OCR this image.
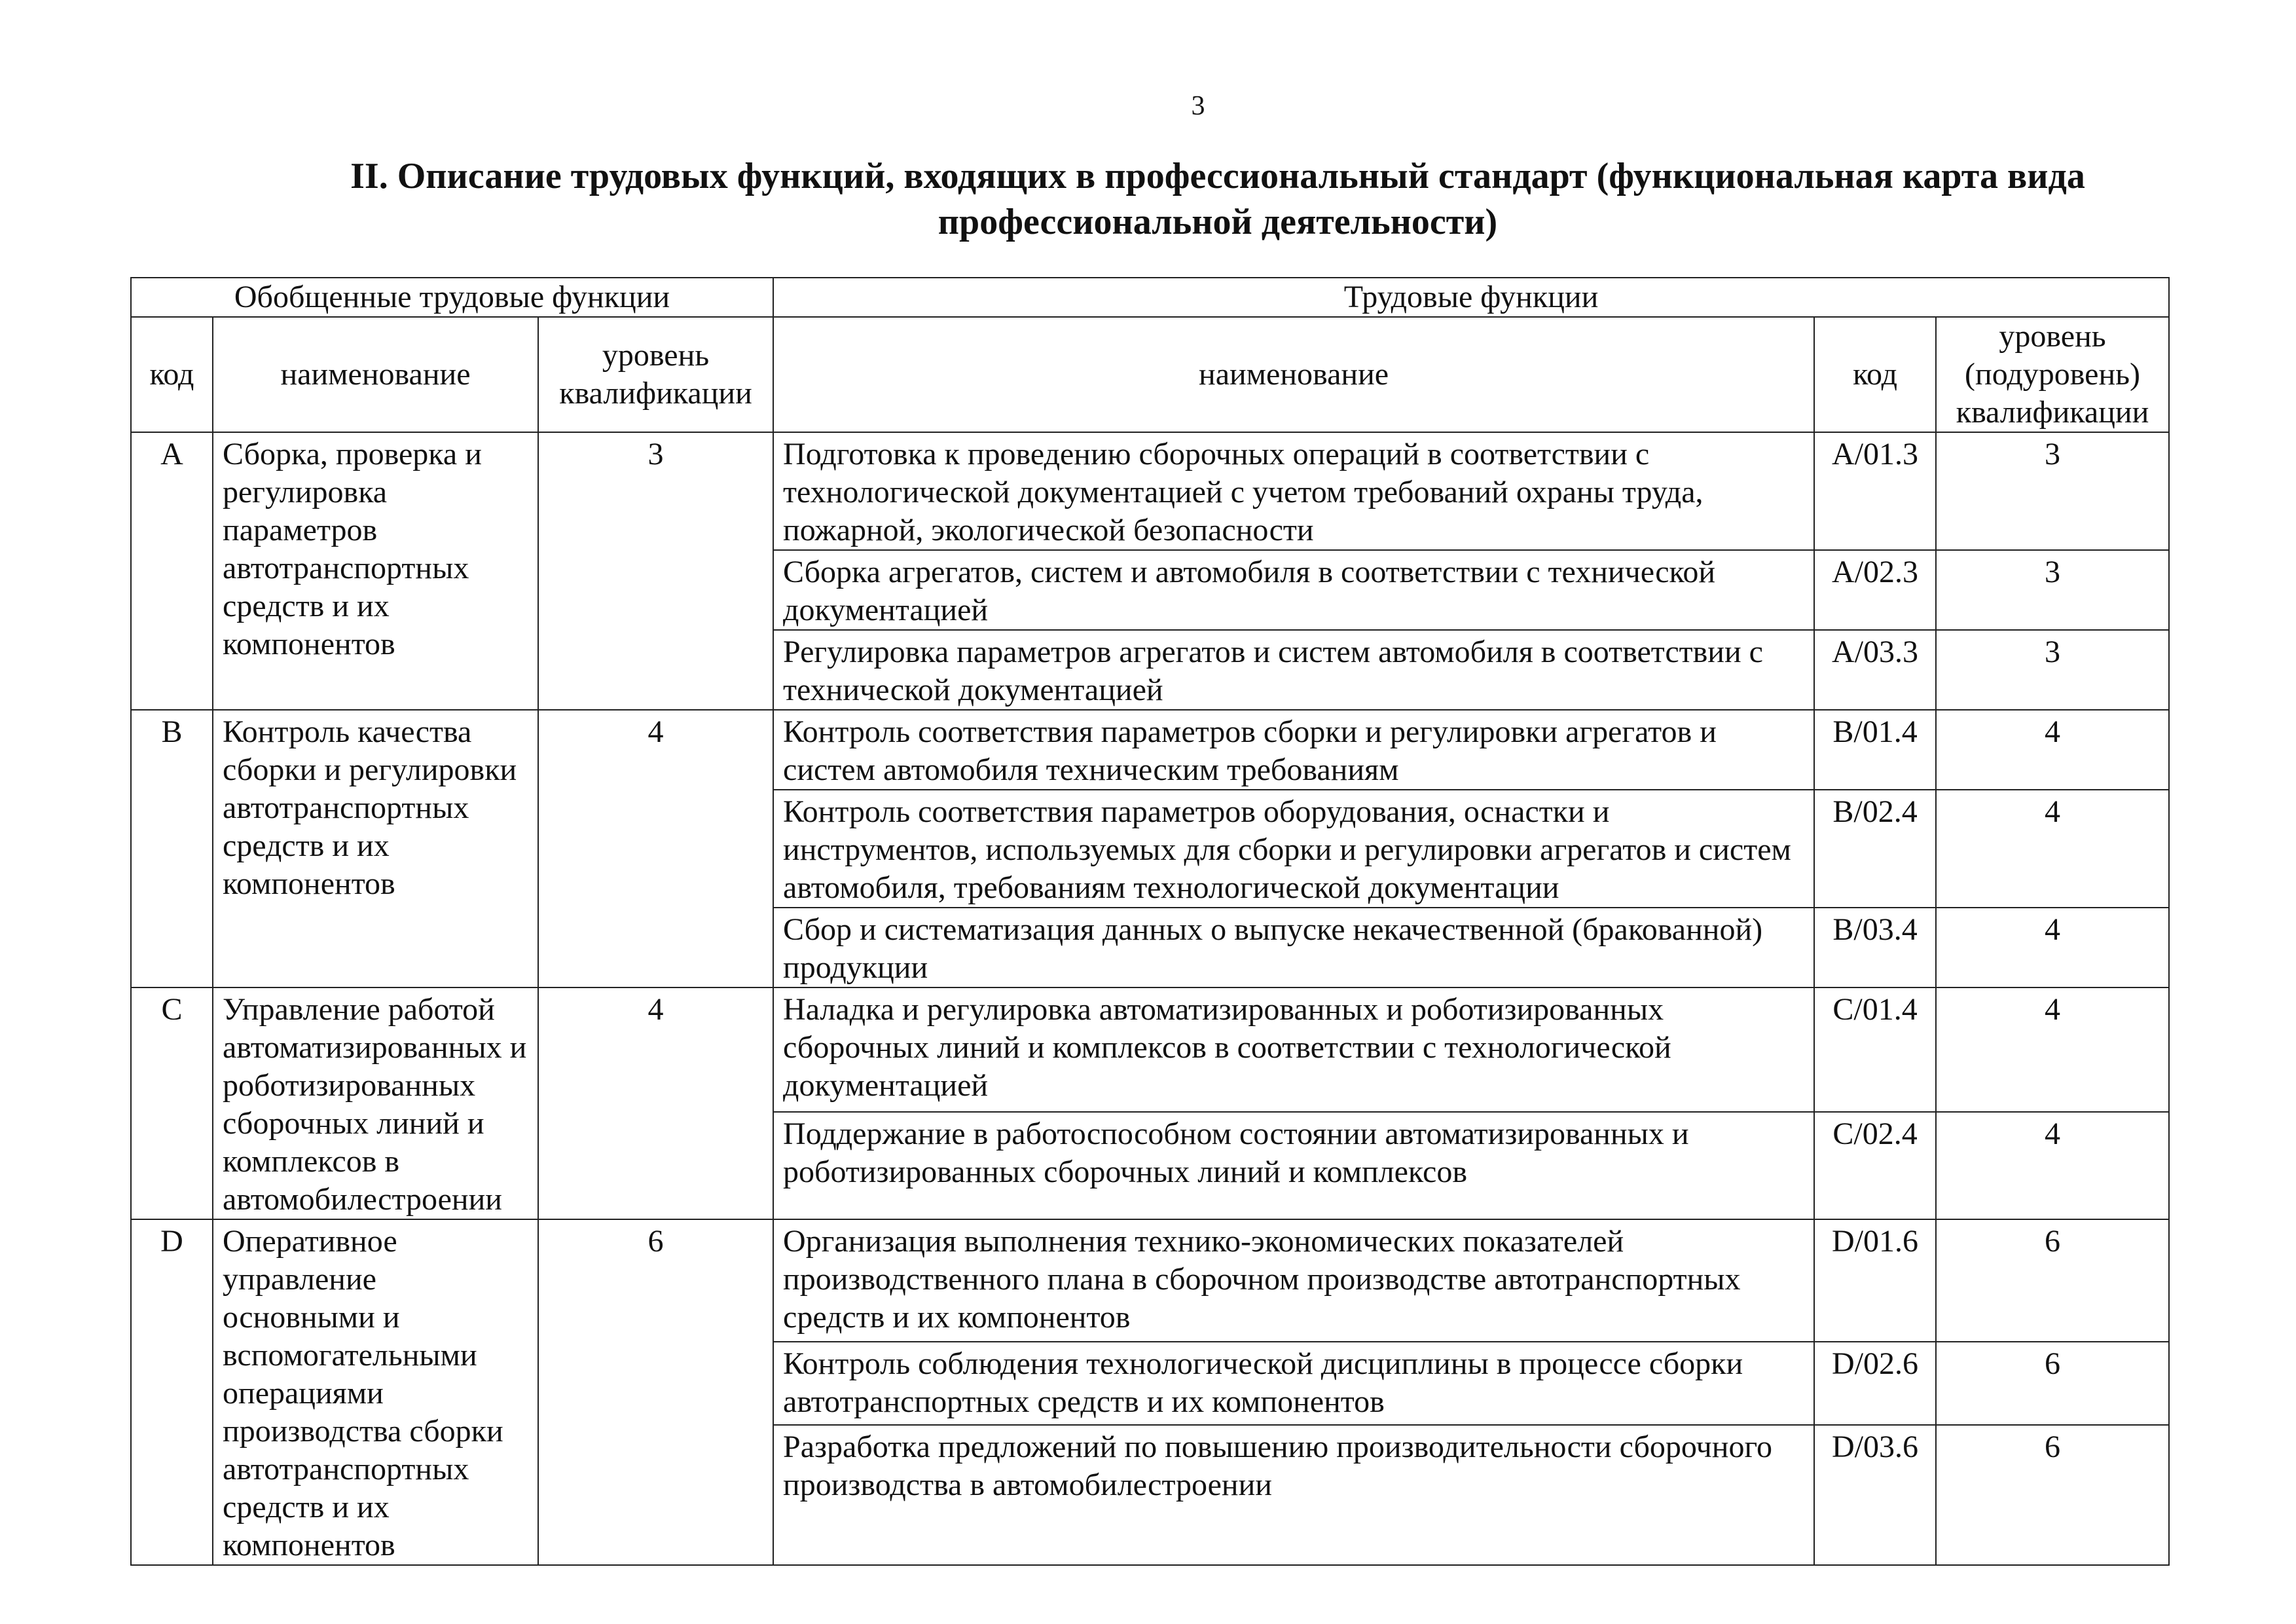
3
II. Описание трудовых функций, входящих в профессиональный стандарт (функциональная карта вида профессиональной деятельности)
Обобщенные трудовые функции			Трудовые функции		
код	наименование	уровень квалификации	наименование	код	уровень (подуровень) квалификации
A	Сборка, проверка и регулировка параметров автотранспортных средств и их компонентов	3	Подготовка к проведению сборочных операций в соответствии с технологической документацией с учетом требований охраны труда, пожарной, экологической безопасности	A/01.3	3
			Сборка агрегатов, систем и автомобиля в соответствии с технической документацией	A/02.3	3
			Регулировка параметров агрегатов и систем автомобиля в соответствии с технической документацией	A/03.3	3
B	Контроль качества сборки и регулировки автотранспортных средств и их компонентов	4	Контроль соответствия параметров сборки и регулировки агрегатов и систем автомобиля техническим требованиям	B/01.4	4
			Контроль соответствия параметров оборудования, оснастки и инструментов, используемых для сборки и регулировки агрегатов и систем автомобиля, требованиям технологической документации	B/02.4	4
			Сбор и систематизация данных о выпуске некачественной (бракованной) продукции	B/03.4	4
C	Управление работой автоматизированных и роботизированных сборочных линий и комплексов в автомобилестроении	4	Наладка и регулировка автоматизированных и роботизированных сборочных линий и комплексов в соответствии с технологической документацией	C/01.4	4
			Поддержание в работоспособном состоянии автоматизированных и роботизированных сборочных линий и комплексов	C/02.4	4
D	Оперативное управление основными и вспомогательными операциями производства сборки автотранспортных средств и их компонентов	6	Организация выполнения технико-экономических показателей производственного плана в сборочном производстве автотранспортных средств и их компонентов	D/01.6	6
			Контроль соблюдения технологической дисциплины в процессе сборки автотранспортных средств и их компонентов	D/02.6	6
			Разработка предложений по повышению производительности сборочного производства в автомобилестроении	D/03.6	6
